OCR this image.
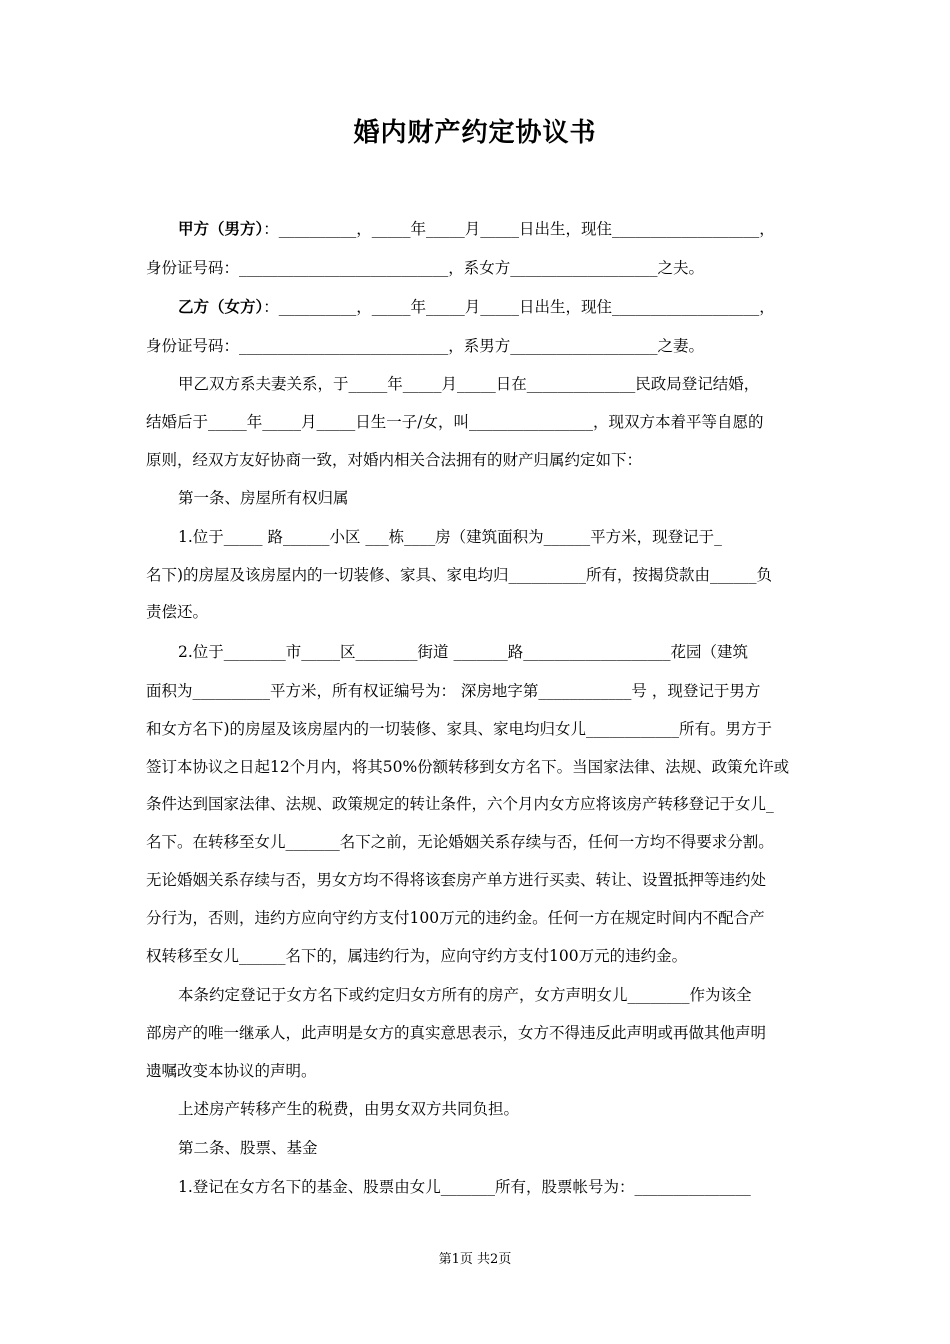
婚内财产约定协议书
甲方（男方）：__________，_____年_____月_____日出生，现住___________________，
身份证号码：___________________________，系女方___________________之夫。
乙方（女方）：__________，_____年_____月_____日出生，现住___________________，
身份证号码：___________________________，系男方___________________之妻。
甲乙双方系夫妻关系，于_____年_____月_____日在______________民政局登记结婚，
结婚后于_____年_____月_____日生一子/女，叫________________，现双方本着平等自愿的
原则，经双方友好协商一致，对婚内相关合法拥有的财产归属约定如下：
第一条、房屋所有权归属
1.位于_____ 路______小区 ___栋____房（建筑面积为______平方米，现登记于_
名下)的房屋及该房屋内的一切装修、家具、家电均归__________所有，按揭贷款由______负
责偿还。
2.位于________市_____区________街道 _______路___________________花园（建筑
面积为__________平方米，所有权证编号为： 深房地字第____________号 ，现登记于男方
和女方名下)的房屋及该房屋内的一切装修、家具、家电均归女儿____________所有。男方于
签订本协议之日起12个月内，将其50%份额转移到女方名下。当国家法律、法规、政策允许或
条件达到国家法律、法规、政策规定的转让条件，六个月内女方应将该房产转移登记于女儿_
名下。在转移至女儿_______名下之前，无论婚姻关系存续与否，任何一方均不得要求分割。
无论婚姻关系存续与否，男女方均不得将该套房产单方进行买卖、转让、设置抵押等违约处
分行为，否则，违约方应向守约方支付100万元的违约金。任何一方在规定时间内不配合产
权转移至女儿______名下的，属违约行为，应向守约方支付100万元的违约金。
本条约定登记于女方名下或约定归女方所有的房产，女方声明女儿________作为该全
部房产的唯一继承人，此声明是女方的真实意思表示，女方不得违反此声明或再做其他声明
遗嘱改变本协议的声明。
上述房产转移产生的税费，由男女双方共同负担。
第二条、股票、基金
1.登记在女方名下的基金、股票由女儿_______所有，股票帐号为：_______________
第1页 共2页
